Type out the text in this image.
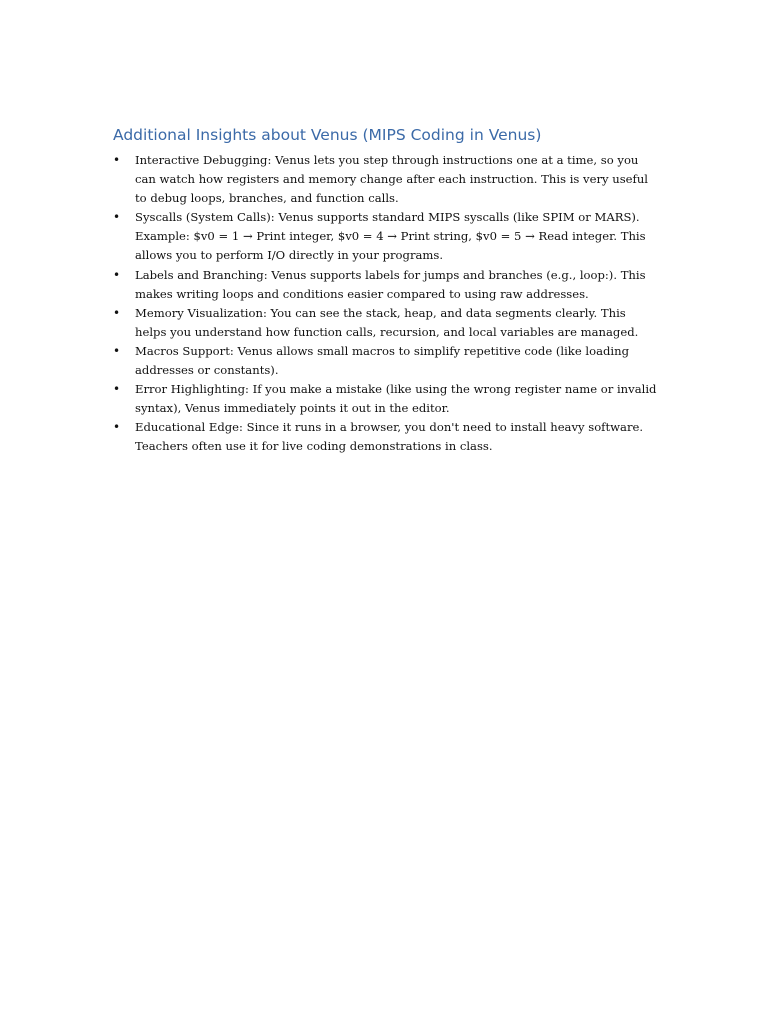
Additional Insights about Venus (MIPS Coding in Venus)
• Interactive Debugging: Venus lets you step through instructions one at a time, so you can watch how registers and memory change after each instruction. This is very useful to debug loops, branches, and function calls.
• Syscalls (System Calls): Venus supports standard MIPS syscalls (like SPIM or MARS). Example: $v0 = 1 → Print integer, $v0 = 4 → Print string, $v0 = 5 → Read integer. This allows you to perform I/O directly in your programs.
• Labels and Branching: Venus supports labels for jumps and branches (e.g., loop:). This makes writing loops and conditions easier compared to using raw addresses.
• Memory Visualization: You can see the stack, heap, and data segments clearly. This helps you understand how function calls, recursion, and local variables are managed.
• Macros Support: Venus allows small macros to simplify repetitive code (like loading addresses or constants).
• Error Highlighting: If you make a mistake (like using the wrong register name or invalid syntax), Venus immediately points it out in the editor.
• Educational Edge: Since it runs in a browser, you don't need to install heavy software. Teachers often use it for live coding demonstrations in class.
